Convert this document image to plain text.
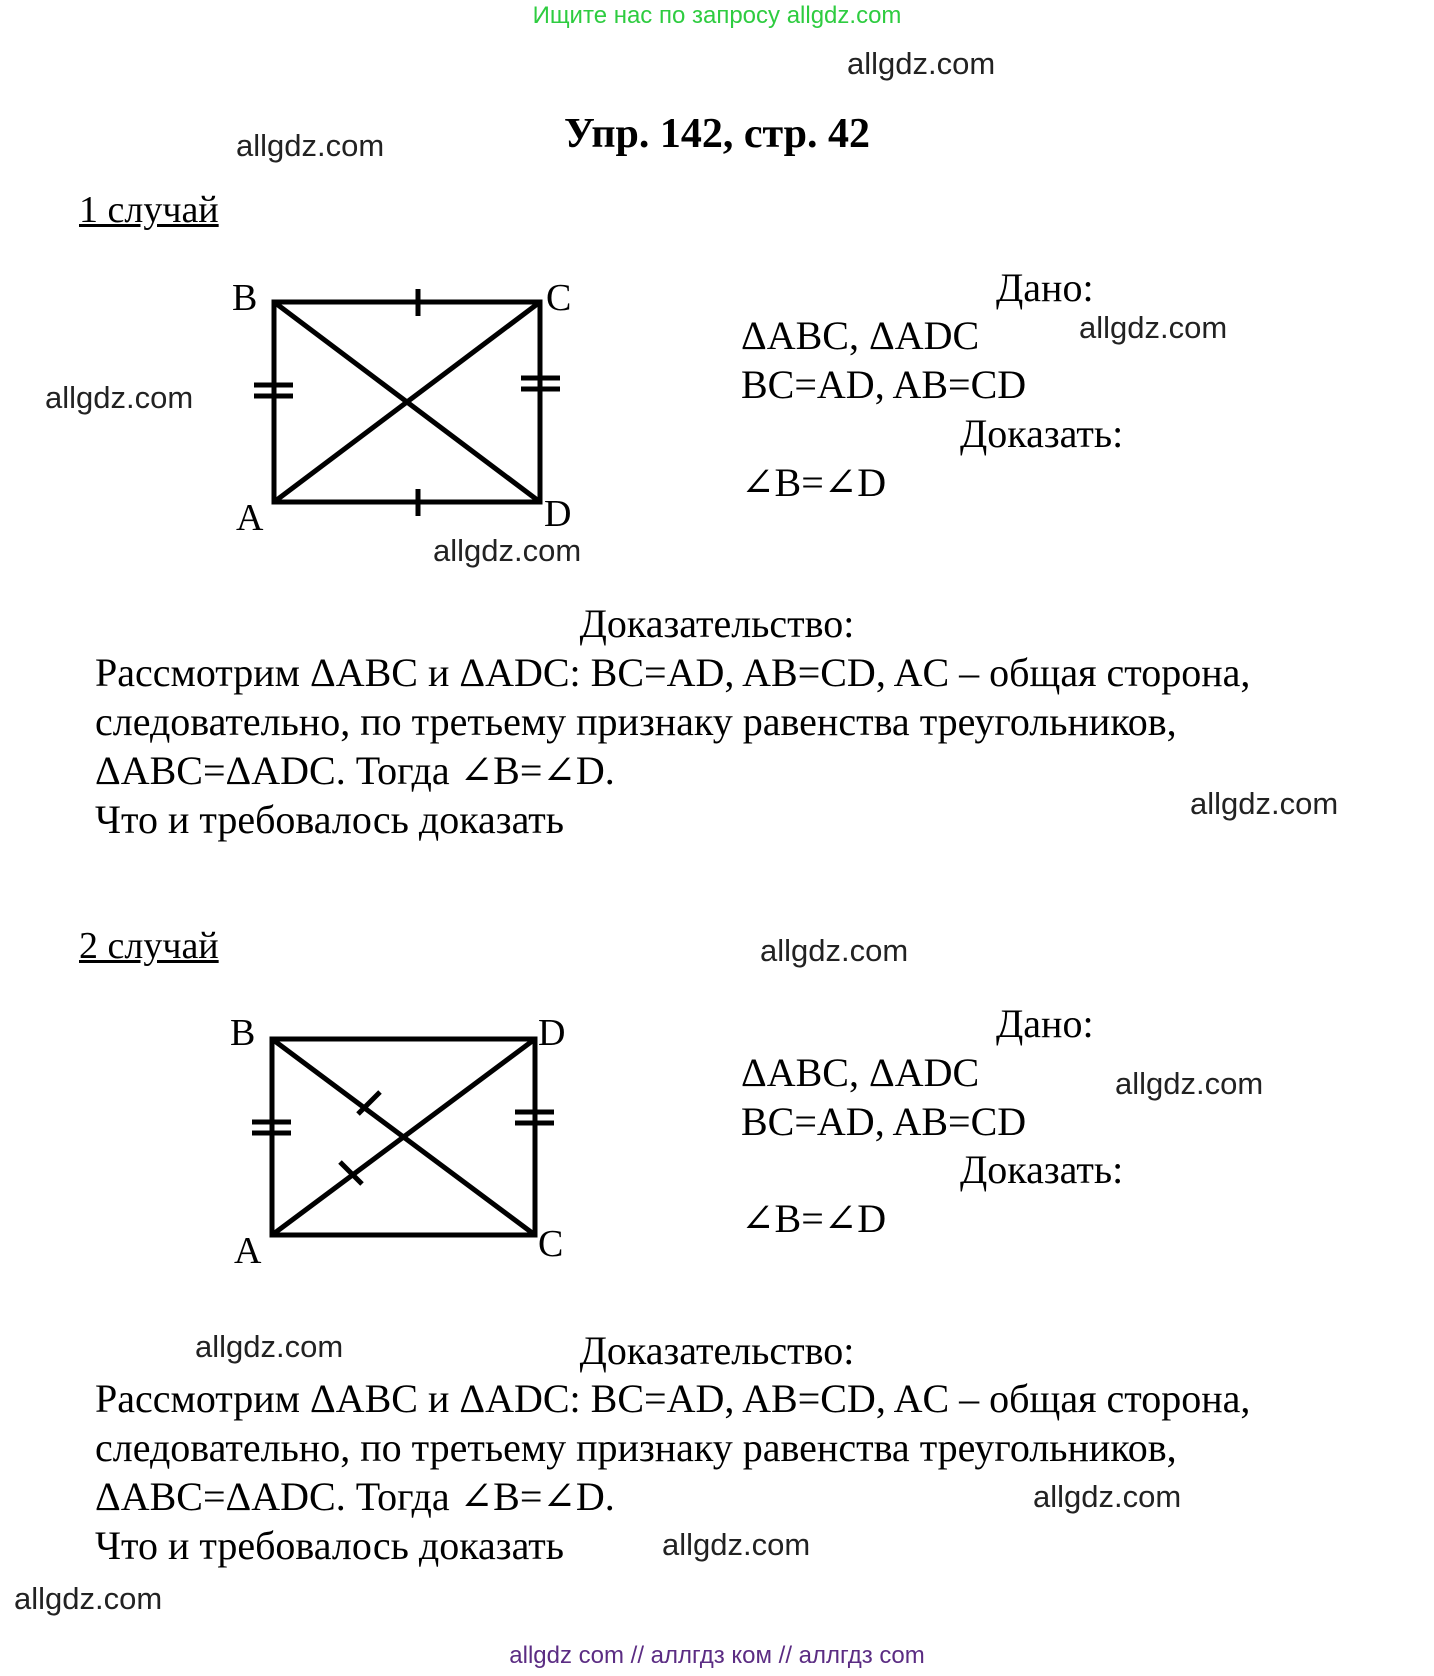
Ищите нас по запросу allgdz.com
allgdz.com
Упр. 142, стр. 42
allgdz.com
1 случай
B	C
A	D
allgdz.com
allgdz.com
Дано:
ΔABC, ΔADC	allgdz.com
BC=AD, AB=CD
Доказать:
∠B=∠D
Доказательство:
Рассмотрим ΔABC и ΔADC: BC=AD, AB=CD, AC – общая сторона,
следовательно, по третьему признаку равенства треугольников,
ΔABC=ΔADC. Тогда ∠B=∠D.
Что и требовалось доказать	allgdz.com
2 случай	allgdz.com
B	D
A	C
Дано:
ΔABC, ΔADC	allgdz.com
BC=AD, AB=CD
Доказать:
∠B=∠D
allgdz.com	Доказательство:
Рассмотрим ΔABC и ΔADC: BC=AD, AB=CD, AC – общая сторона,
следовательно, по третьему признаку равенства треугольников,
ΔABC=ΔADC. Тогда ∠B=∠D.	allgdz.com
Что и требовалось доказать	allgdz.com
allgdz.com
allgdz com // аллгдз ком // аллгдз com
